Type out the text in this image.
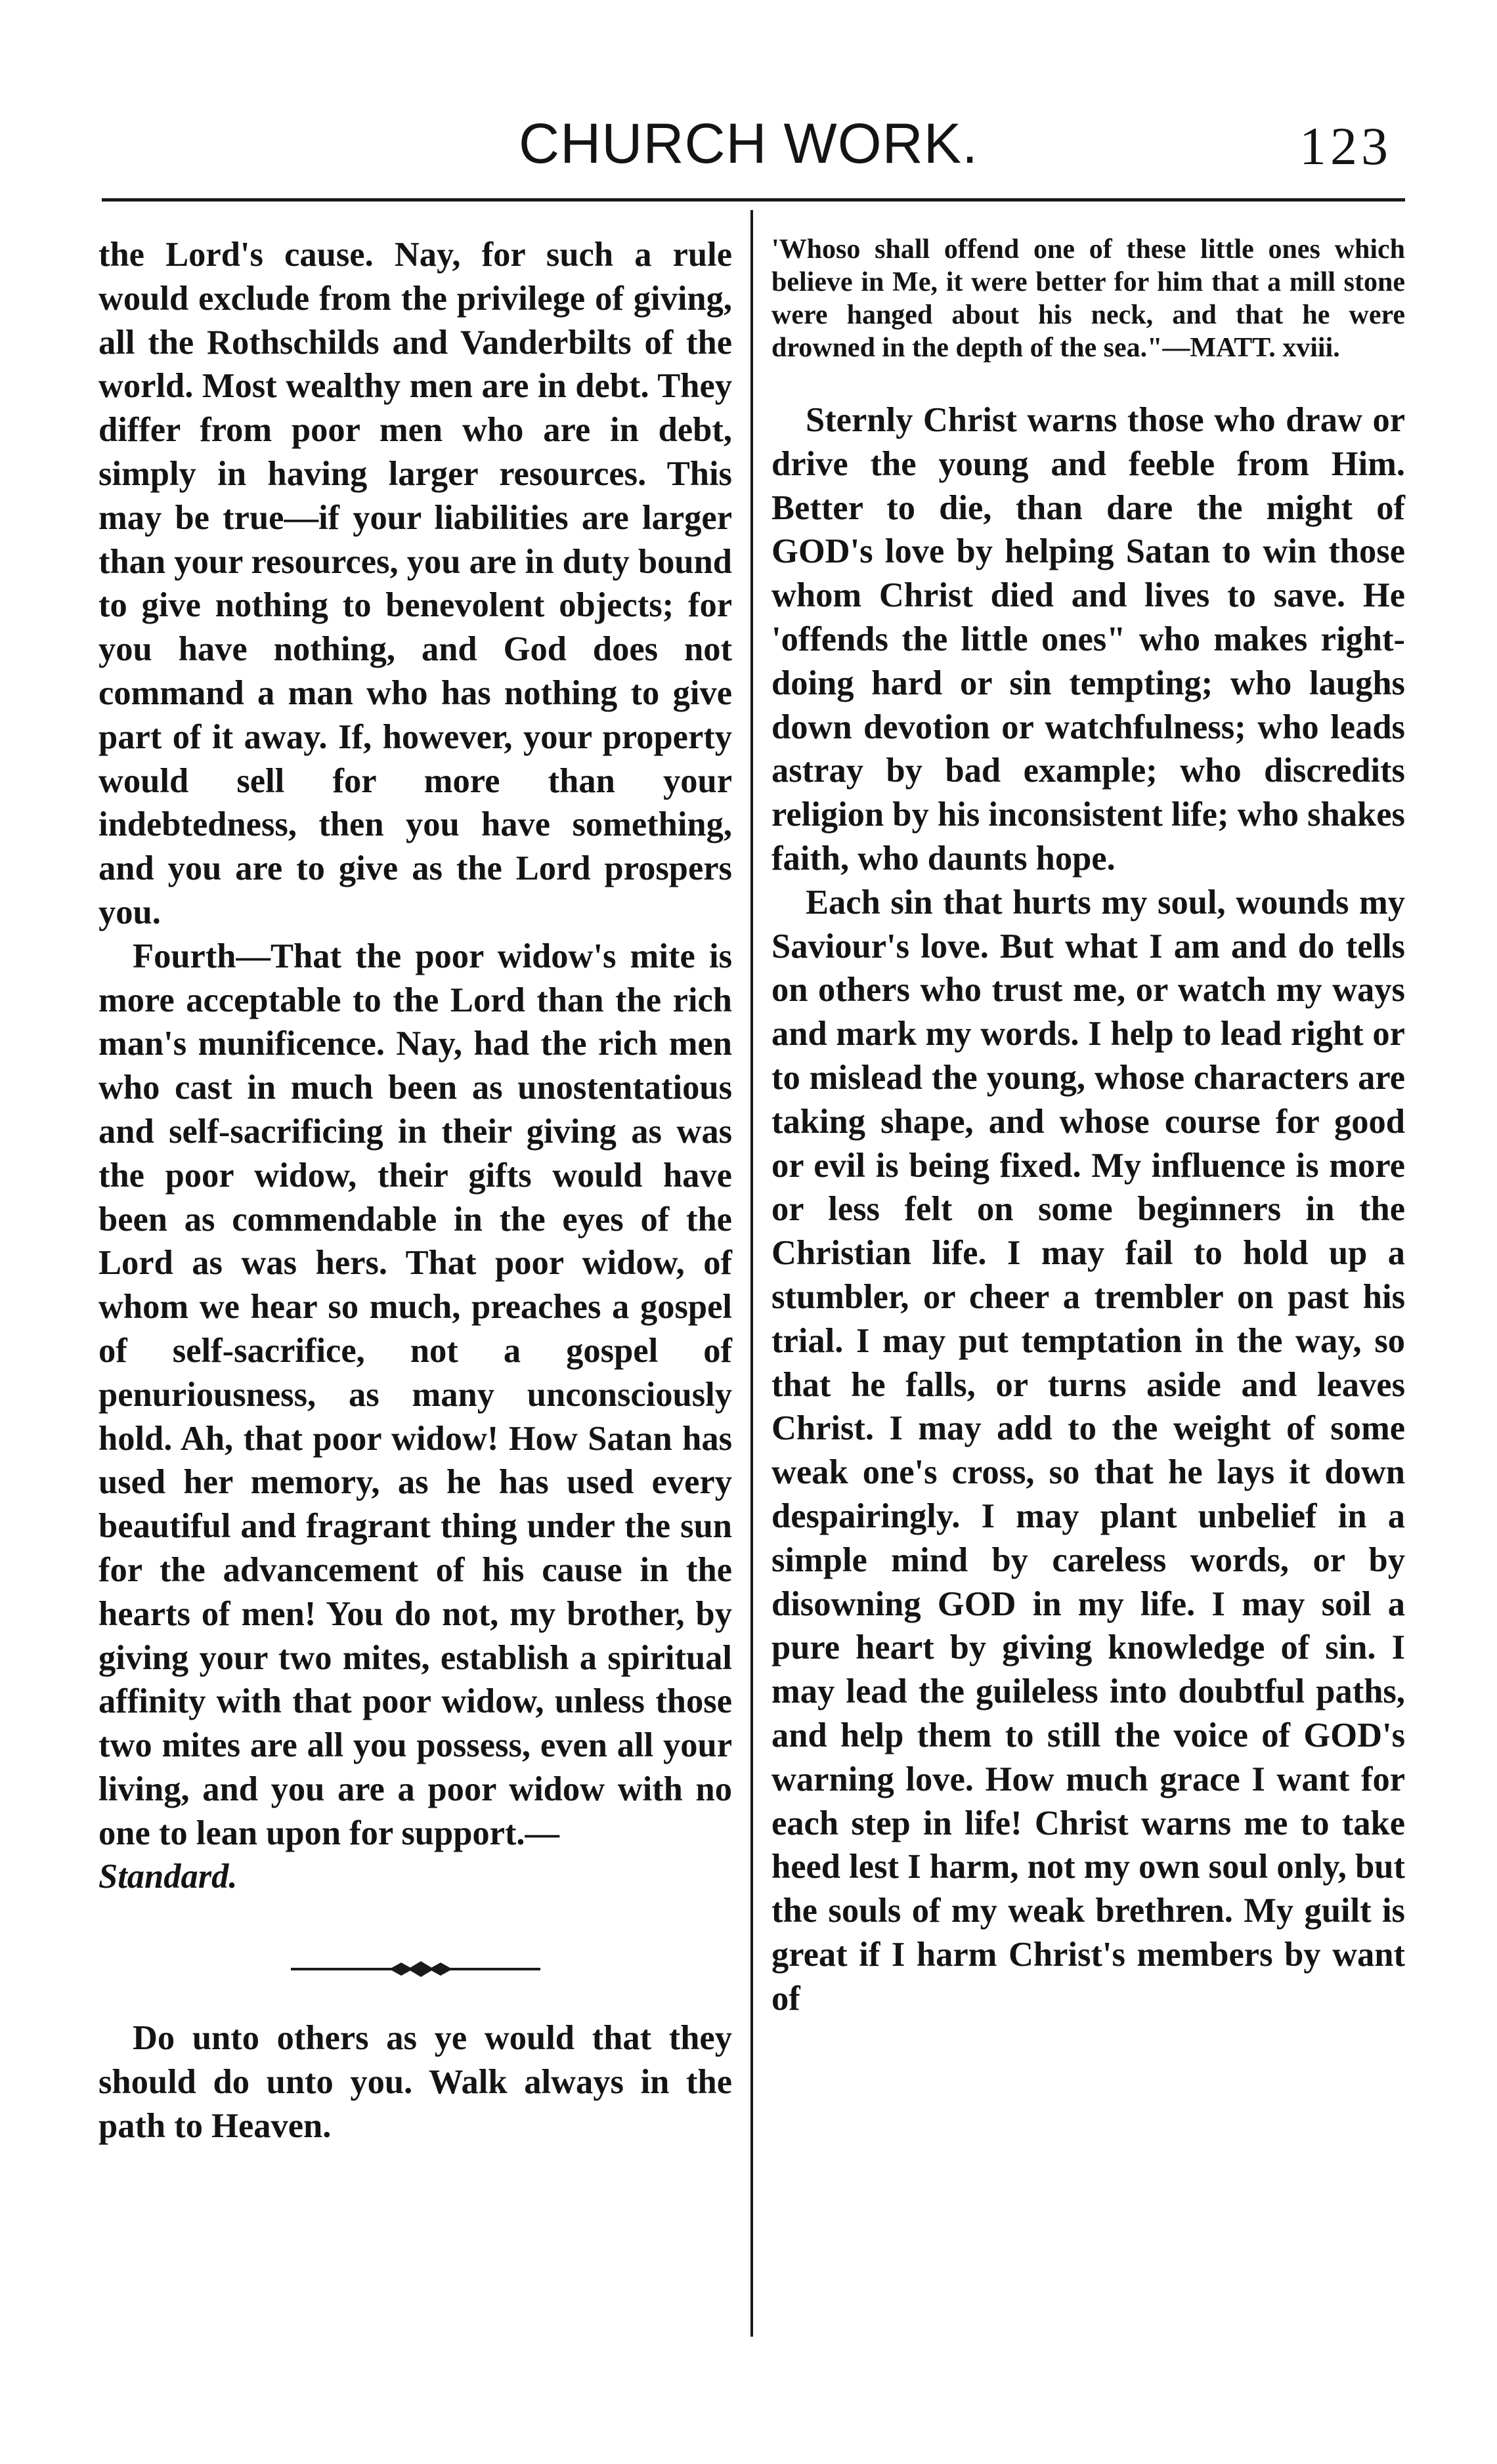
CHURCH WORK.	123

the Lord's cause. Nay, for such a rule would exclude from the privilege of giving, all the Rothschilds and Vanderbilts of the world. Most wealthy men are in debt. They differ from poor men who are in debt, simply in having larger resources. This may be true—if your liabilities are larger than your resources, you are in duty bound to give nothing to benevolent objects; for you have nothing, and God does not command a man who has nothing to give part of it away. If, however, your property would sell for more than your indebtedness, then you have something, and you are to give as the Lord prospers you.

Fourth—That the poor widow's mite is more acceptable to the Lord than the rich man's munificence. Nay, had the rich men who cast in much been as unostentatious and self-sacrificing in their giving as was the poor widow, their gifts would have been as commendable in the eyes of the Lord as was hers. That poor widow, of whom we hear so much, preaches a gospel of self-sacrifice, not a gospel of penuriousness, as many unconsciously hold. Ah, that poor widow! How Satan has used her memory, as he has used every beautiful and fragrant thing under the sun for the advancement of his cause in the hearts of men! You do not, my brother, by giving your two mites, establish a spiritual affinity with that poor widow, unless those two mites are all you possess, even all your living, and you are a poor widow with no one to lean upon for support.—
Standard.

Do unto others as ye would that they should do unto you. Walk always in the path to Heaven.

'Whoso shall offend one of these little ones which believe in Me, it were better for him that a mill stone were hanged about his neck, and that he were drowned in the depth of the sea."—MATT. xviii.

Sternly Christ warns those who draw or drive the young and feeble from Him. Better to die, than dare the might of GOD's love by helping Satan to win those whom Christ died and lives to save. He 'offends the little ones" who makes right-doing hard or sin tempting; who laughs down devotion or watchfulness; who leads astray by bad example; who discredits religion by his inconsistent life; who shakes faith, who daunts hope.

Each sin that hurts my soul, wounds my Saviour's love. But what I am and do tells on others who trust me, or watch my ways and mark my words. I help to lead right or to mislead the young, whose characters are taking shape, and whose course for good or evil is being fixed. My influence is more or less felt on some beginners in the Christian life. I may fail to hold up a stumbler, or cheer a trembler on past his trial. I may put temptation in the way, so that he falls, or turns aside and leaves Christ. I may add to the weight of some weak one's cross, so that he lays it down despairingly. I may plant unbelief in a simple mind by careless words, or by disowning GOD in my life. I may soil a pure heart by giving knowledge of sin. I may lead the guileless into doubtful paths, and help them to still the voice of GOD's warning love. How much grace I want for each step in life! Christ warns me to take heed lest I harm, not my own soul only, but the souls of my weak brethren. My guilt is great if I harm Christ's members by want of
